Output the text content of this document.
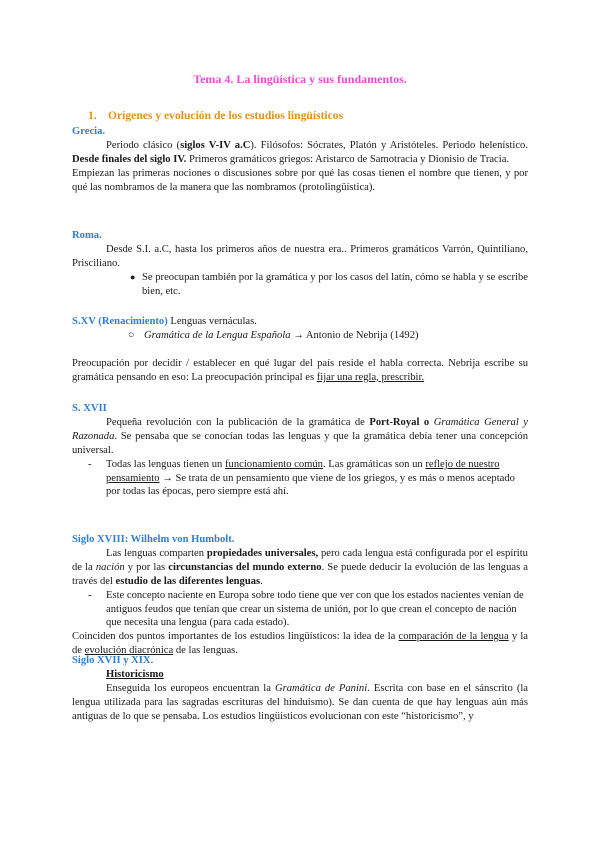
Tema 4. La lingüística y sus fundamentos.
1. Orígenes y evolución de los estudios lingüísticos
Grecia.

Periodo clásico (siglos V-IV a.C). Filósofos: Sócrates, Platón y Aristóteles. Periodo helenístico. Desde finales del siglo IV. Primeros gramáticos griegos: Aristarco de Samotracia y Dionisio de Tracia.

Empiezan las primeras nociones o discusiones sobre por qué las cosas tienen el nombre que tienen, y por qué las nombramos de la manera que las nombramos (protolingüística).

Roma.

Desde S.I. a.C, hasta los primeros años de nuestra era.. Primeros gramáticos Varrón, Quintiliano, Prisciliano.

● Se preocupan también por la gramática y por los casos del latín, cómo se habla y se escribe bien, etc.
S.XV (Renacimiento) Lenguas vernáculas.
○ Gramática de la Lengua Española → Antonio de Nebrija (1492)

Preocupación por decidir / establecer en qué lugar del país reside el habla correcta. Nebrija escribe su gramática pensando en eso: La preocupación principal es fijar una regla, prescribir.

S. XVII

Pequeña revolución con la publicación de la gramática de Port-Royal o Gramática General y Razonada. Se pensaba que se conocían todas las lenguas y que la gramática debía tener una concepción universal.

- Todas las lenguas tienen un funcionamiento común. Las gramáticas son un reflejo de nuestro pensamiento → Se trata de un pensamiento que viene de los griegos, y es más o menos aceptado por todas las épocas, pero siempre está ahí.
Siglo XVIII: Wilhelm von Humbolt.

Las lenguas comparten propiedades universales, pero cada lengua está configurada por el espíritu de la nación y por las circunstancias del mundo externo. Se puede deducir la evolución de las lenguas a través del estudio de las diferentes lenguas.

- Este concepto naciente en Europa sobre todo tiene que ver con que los estados nacientes venían de antiguos feudos que tenían que crear un sistema de unión, por lo que crean el concepto de nación que necesita una lengua (para cada estado).

Coinciden dos puntos importantes de los estudios lingüísticos: la idea de la comparación de la lengua y la de evolución diacrónica de las lenguas.

Siglo XVII y XIX.
Historicismo

Enseguida los europeos encuentran la Gramática de Panini. Escrita con base en el sánscrito (la lengua utilizada para las sagradas escrituras del hinduismo). Se dan cuenta de que hay lenguas aún más antiguas de lo que se pensaba. Los estudios lingüísticos evolucionan con este “historicismo”, y
